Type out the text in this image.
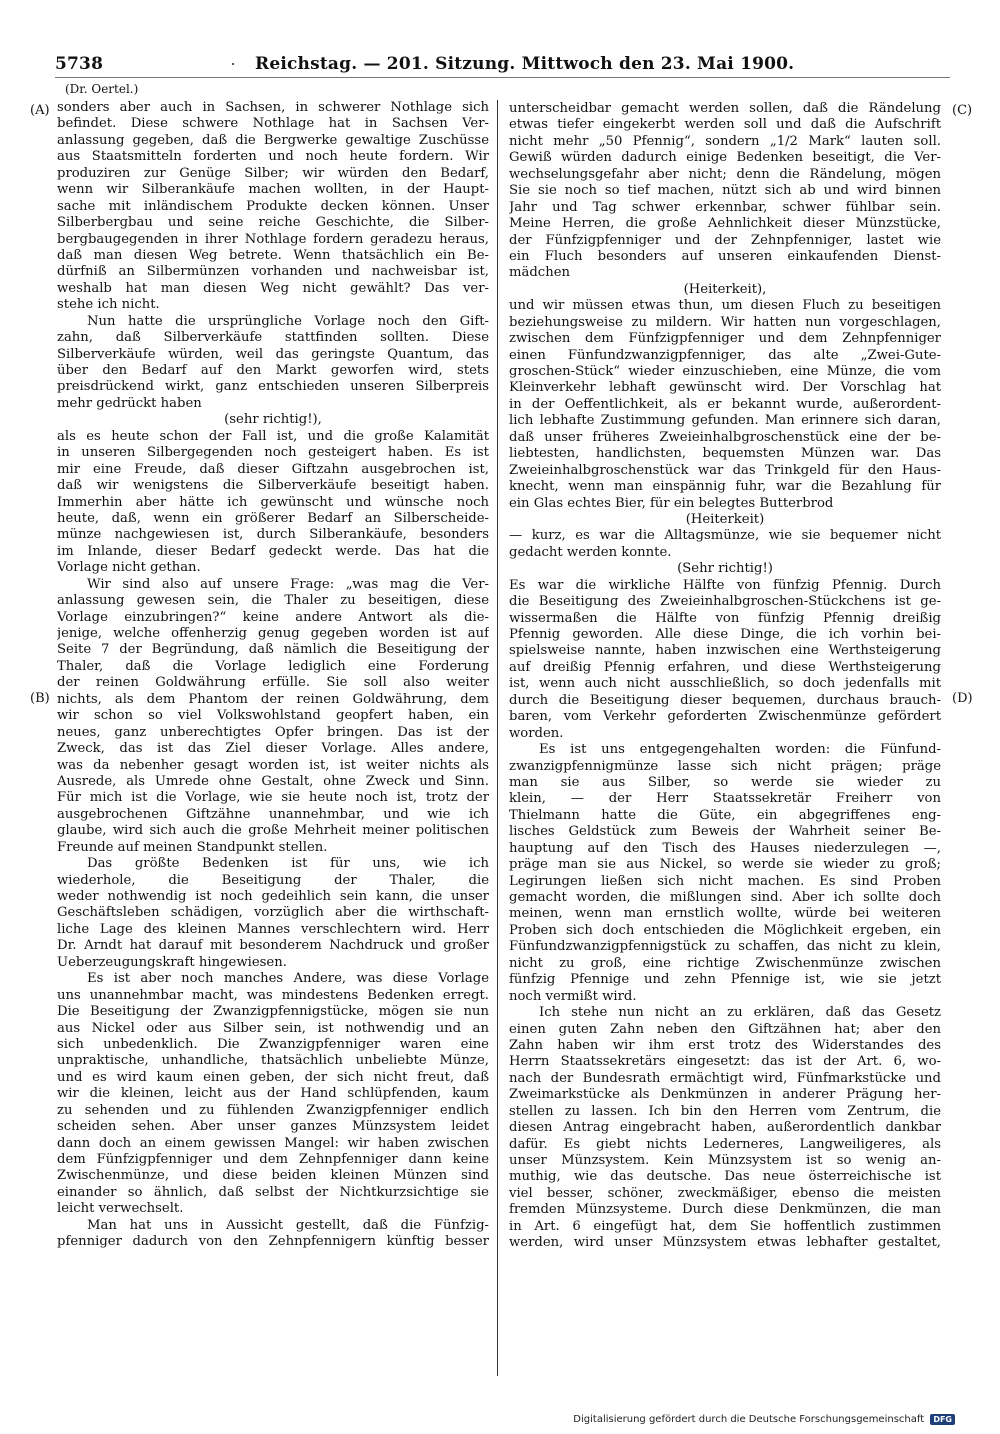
5738	Reichstag. — 201. Sitzung. Mittwoch den 23. Mai 1900.
(Dr. Oertel.)
(A)
(B)
(C)
(D)
sonders aber auch in Sachsen, in schwerer Nothlage sich
befindet. Diese schwere Nothlage hat in Sachsen Ver-
anlassung gegeben, daß die Bergwerke gewaltige Zuschüsse
aus Staatsmitteln forderten und noch heute fordern. Wir
produziren zur Genüge Silber; wir würden den Bedarf,
wenn wir Silberankäufe machen wollten, in der Haupt-
sache mit inländischem Produkte decken können. Unser
Silberbergbau und seine reiche Geschichte, die Silber-
bergbaugegenden in ihrer Nothlage fordern geradezu heraus,
daß man diesen Weg betrete. Wenn thatsächlich ein Be-
dürfniß an Silbermünzen vorhanden und nachweisbar ist,
weshalb hat man diesen Weg nicht gewählt? Das ver-
stehe ich nicht.
Nun hatte die ursprüngliche Vorlage noch den Gift-
zahn, daß Silberverkäufe stattfinden sollten. Diese
Silberverkäufe würden, weil das geringste Quantum, das
über den Bedarf auf den Markt geworfen wird, stets
preisdrückend wirkt, ganz entschieden unseren Silberpreis
mehr gedrückt haben
(sehr richtig!),
als es heute schon der Fall ist, und die große Kalamität
in unseren Silbergegenden noch gesteigert haben. Es ist
mir eine Freude, daß dieser Giftzahn ausgebrochen ist,
daß wir wenigstens die Silberverkäufe beseitigt haben.
Immerhin aber hätte ich gewünscht und wünsche noch
heute, daß, wenn ein größerer Bedarf an Silberscheide-
münze nachgewiesen ist, durch Silberankäufe, besonders
im Inlande, dieser Bedarf gedeckt werde. Das hat die
Vorlage nicht gethan.
Wir sind also auf unsere Frage: „was mag die Ver-
anlassung gewesen sein, die Thaler zu beseitigen, diese
Vorlage einzubringen?“ keine andere Antwort als die-
jenige, welche offenherzig genug gegeben worden ist auf
Seite 7 der Begründung, daß nämlich die Beseitigung der
Thaler, daß die Vorlage lediglich eine Forderung
der reinen Goldwährung erfülle. Sie soll also weiter
nichts, als dem Phantom der reinen Goldwährung, dem
wir schon so viel Volkswohlstand geopfert haben, ein
neues, ganz unberechtigtes Opfer bringen. Das ist der
Zweck, das ist das Ziel dieser Vorlage. Alles andere,
was da nebenher gesagt worden ist, ist weiter nichts als
Ausrede, als Umrede ohne Gestalt, ohne Zweck und Sinn.
Für mich ist die Vorlage, wie sie heute noch ist, trotz der
ausgebrochenen Giftzähne unannehmbar, und wie ich
glaube, wird sich auch die große Mehrheit meiner politischen
Freunde auf meinen Standpunkt stellen.
Das größte Bedenken ist für uns, wie ich
wiederhole, die Beseitigung der Thaler, die
weder nothwendig ist noch gedeihlich sein kann, die unser
Geschäftsleben schädigen, vorzüglich aber die wirthschaft-
liche Lage des kleinen Mannes verschlechtern wird. Herr
Dr. Arndt hat darauf mit besonderem Nachdruck und großer
Ueberzeugungskraft hingewiesen.
Es ist aber noch manches Andere, was diese Vorlage
uns unannehmbar macht, was mindestens Bedenken erregt.
Die Beseitigung der Zwanzigpfennigstücke, mögen sie nun
aus Nickel oder aus Silber sein, ist nothwendig und an
sich unbedenklich. Die Zwanzigpfenniger waren eine
unpraktische, unhandliche, thatsächlich unbeliebte Münze,
und es wird kaum einen geben, der sich nicht freut, daß
wir die kleinen, leicht aus der Hand schlüpfenden, kaum
zu sehenden und zu fühlenden Zwanzigpfenniger endlich
scheiden sehen. Aber unser ganzes Münzsystem leidet
dann doch an einem gewissen Mangel: wir haben zwischen
dem Fünfzigpfenniger und dem Zehnpfenniger dann keine
Zwischenmünze, und diese beiden kleinen Münzen sind
einander so ähnlich, daß selbst der Nichtkurzsichtige sie
leicht verwechselt.
Man hat uns in Aussicht gestellt, daß die Fünfzig-
pfenniger dadurch von den Zehnpfennigern künftig besser
unterscheidbar gemacht werden sollen, daß die Rändelung
etwas tiefer eingekerbt werden soll und daß die Aufschrift
nicht mehr „50 Pfennig“, sondern „1/2 Mark“ lauten soll.
Gewiß würden dadurch einige Bedenken beseitigt, die Ver-
wechselungsgefahr aber nicht; denn die Rändelung, mögen
Sie sie noch so tief machen, nützt sich ab und wird binnen
Jahr und Tag schwer erkennbar, schwer fühlbar sein.
Meine Herren, die große Aehnlichkeit dieser Münzstücke,
der Fünfzigpfenniger und der Zehnpfenniger, lastet wie
ein Fluch besonders auf unseren einkaufenden Dienst-
mädchen
(Heiterkeit),
und wir müssen etwas thun, um diesen Fluch zu beseitigen
beziehungsweise zu mildern. Wir hatten nun vorgeschlagen,
zwischen dem Fünfzigpfenniger und dem Zehnpfenniger
einen Fünfundzwanzigpfenniger, das alte „Zwei-Gute-
groschen-Stück“ wieder einzuschieben, eine Münze, die vom
Kleinverkehr lebhaft gewünscht wird. Der Vorschlag hat
in der Oeffentlichkeit, als er bekannt wurde, außerordent-
lich lebhafte Zustimmung gefunden. Man erinnere sich daran,
daß unser früheres Zweieinhalbgroschenstück eine der be-
liebtesten, handlichsten, bequemsten Münzen war. Das
Zweieinhalbgroschenstück war das Trinkgeld für den Haus-
knecht, wenn man einspännig fuhr, war die Bezahlung für
ein Glas echtes Bier, für ein belegtes Butterbrod
(Heiterkeit)
— kurz, es war die Alltagsmünze, wie sie bequemer nicht
gedacht werden konnte.
(Sehr richtig!)
Es war die wirkliche Hälfte von fünfzig Pfennig. Durch
die Beseitigung des Zweieinhalbgroschen-Stückchens ist ge-
wissermaßen die Hälfte von fünfzig Pfennig dreißig
Pfennig geworden. Alle diese Dinge, die ich vorhin bei-
spielsweise nannte, haben inzwischen eine Werthsteigerung
auf dreißig Pfennig erfahren, und diese Werthsteigerung
ist, wenn auch nicht ausschließlich, so doch jedenfalls mit
durch die Beseitigung dieser bequemen, durchaus brauch-
baren, vom Verkehr geforderten Zwischenmünze gefördert
worden.
Es ist uns entgegengehalten worden: die Fünfund-
zwanzigpfennigmünze lasse sich nicht prägen; präge
man sie aus Silber, so werde sie wieder zu
klein, — der Herr Staatssekretär Freiherr von
Thielmann hatte die Güte, ein abgegriffenes eng-
lisches Geldstück zum Beweis der Wahrheit seiner Be-
hauptung auf den Tisch des Hauses niederzulegen —,
präge man sie aus Nickel, so werde sie wieder zu groß;
Legirungen ließen sich nicht machen. Es sind Proben
gemacht worden, die mißlungen sind. Aber ich sollte doch
meinen, wenn man ernstlich wollte, würde bei weiteren
Proben sich doch entschieden die Möglichkeit ergeben, ein
Fünfundzwanzigpfennigstück zu schaffen, das nicht zu klein,
nicht zu groß, eine richtige Zwischenmünze zwischen
fünfzig Pfennige und zehn Pfennige ist, wie sie jetzt
noch vermißt wird.
Ich stehe nun nicht an zu erklären, daß das Gesetz
einen guten Zahn neben den Giftzähnen hat; aber den
Zahn haben wir ihm erst trotz des Widerstandes des
Herrn Staatssekretärs eingesetzt: das ist der Art. 6, wo-
nach der Bundesrath ermächtigt wird, Fünfmarkstücke und
Zweimarkstücke als Denkmünzen in anderer Prägung her-
stellen zu lassen. Ich bin den Herren vom Zentrum, die
diesen Antrag eingebracht haben, außerordentlich dankbar
dafür. Es giebt nichts Lederneres, Langweiligeres, als
unser Münzsystem. Kein Münzsystem ist so wenig an-
muthig, wie das deutsche. Das neue österreichische ist
viel besser, schöner, zweckmäßiger, ebenso die meisten
fremden Münzsysteme. Durch diese Denkmünzen, die man
in Art. 6 eingefügt hat, dem Sie hoffentlich zustimmen
werden, wird unser Münzsystem etwas lebhafter gestaltet,
Digitalisierung gefördert durch die Deutsche Forschungsgemeinschaft DFG
